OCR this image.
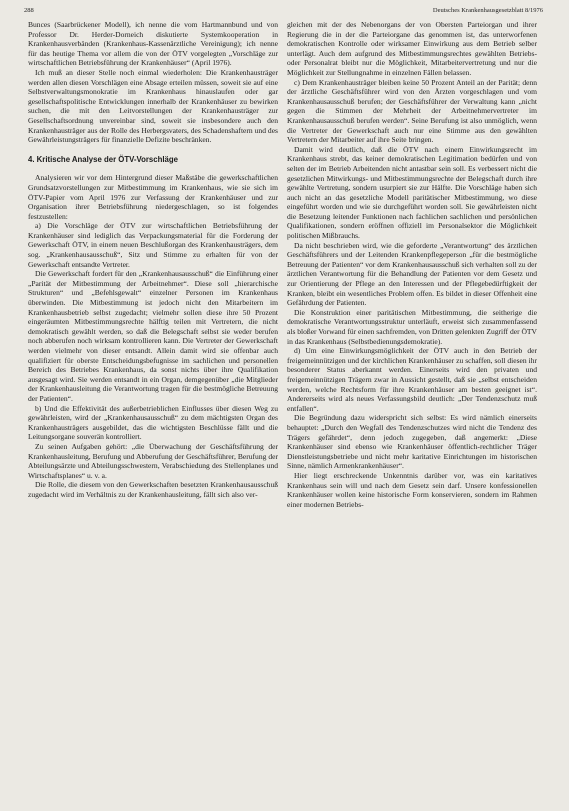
288	Deutsches Krankenhausgesetzblatt 8/1976

Bunces (Saarbrückener Modell), ich nenne die vom Hartmannbund und von Professor Dr. Herder-Dorneich diskutierte Systemkooperation in Krankenhausverbänden (Krankenhaus-Kassenärztliche Vereinigung); ich nenne für das heutige Thema vor allem die von der ÖTV vorgelegten „Vorschläge zur wirtschaftlichen Betriebsführung der Krankenhäuser“ (April 1976).

Ich muß an dieser Stelle noch einmal wiederholen: Die Krankenhausträger werden allen diesen Vorschlägen eine Absage erteilen müssen, soweit sie auf eine Selbstverwaltungsmonokratie im Krankenhaus hinauslaufen oder gar gesellschaftspolitische Entwicklungen innerhalb der Krankenhäuser zu bewirken suchen, die mit den Leitvorstellungen der Krankenhausträger zur Gesellschaftsordnung unvereinbar sind, soweit sie insbesondere auch den Krankenhausträger aus der Rolle des Herbergsvaters, des Schadenshaftern und des Gewährleistungsträgers für finanzielle Defizite beschränken.

4. Kritische Analyse der ÖTV-Vorschläge

Analysieren wir vor dem Hintergrund dieser Maßstäbe die gewerkschaftlichen Grundsatzvorstellungen zur Mitbestimmung im Krankenhaus, wie sie sich im ÖTV-Papier vom April 1976 zur Verfassung der Krankenhäuser und zur Organisation ihrer Betriebsführung niedergeschlagen, so ist folgendes festzustellen:

a) Die Vorschläge der ÖTV zur wirtschaftlichen Betriebsführung der Krankenhäuser sind lediglich das Verpackungsmaterial für die Forderung der Gewerkschaft ÖTV, in einem neuen Beschlußorgan des Krankenhausträgers, dem sog. „Krankenhausausschuß“, Sitz und Stimme zu erhalten für von der Gewerkschaft entsandte Vertreter.

Die Gewerkschaft fordert für den „Krankenhausausschuß“ die Einführung einer „Parität der Mitbestimmung der Arbeitnehmer“. Diese soll „hierarchische Strukturen“ und „Befehlsgewalt“ einzelner Personen im Krankenhaus überwinden. Die Mitbestimmung ist jedoch nicht den Mitarbeitern im Krankenhausbetrieb selbst zugedacht; vielmehr sollen diese ihre 50 Prozent eingeräumten Mitbestimmungsrechte hälftig teilen mit Vertretern, die nicht demokratisch gewählt werden, so daß die Belegschaft selbst sie weder berufen noch abberufen noch wirksam kontrollieren kann. Die Vertreter der Gewerkschaft werden vielmehr von dieser entsandt. Allein damit wird sie offenbar auch qualifiziert für oberste Entscheidungsbefugnisse im sachlichen und personellen Bereich des Betriebes Krankenhaus, da sonst nichts über ihre Qualifikation ausgesagt wird. Sie werden entsandt in ein Organ, demgegenüber „die Mitglieder der Krankenhausleitung die Verantwortung tragen für die bestmögliche Betreuung der Patienten“.

b) Und die Effektivität des außerbetrieblichen Einflusses über diesen Weg zu gewährleisten, wird der „Krankenhausausschuß“ zu dem mächtigsten Organ des Krankenhausträgers ausgebildet, das die wichtigsten Beschlüsse fällt und die Leitungsorgane souverän kontrolliert.

Zu seinen Aufgaben gehört: „die Überwachung der Geschäftsführung der Krankenhausleitung, Berufung und Abberufung der Geschäftsführer, Berufung der Abteilungsärzte und Abteilungsschwestern, Verabschiedung des Stellenplanes und Wirtschaftsplanes“ u. v. a.

Die Rolle, die diesem von den Gewerkschaften besetzten Krankenhausausschuß zugedacht wird im Verhältnis zu der Krankenhausleitung, fällt sich also ver-

gleichen mit der des Nebenorgans der von Obersten Parteiorgan und ihrer Regierung die in der die Parteiorgane das genommen ist, das unterworfenen demokratischen Kontrolle oder wirksamer Einwirkung aus dem Betrieb selber unterlägt. Auch dem aufgrund des Mitbestimmungsrechtes gewählten Betriebs- oder Personalrat bleibt nur die Möglichkeit, Mitarbeitervertretung und nur die Möglichkeit zur Stellungnahme in einzelnen Fällen belassen.

c) Dem Krankenhausträger bleiben keine 50 Prozent Anteil an der Parität; denn der ärztliche Geschäftsführer wird von den Ärzten vorgeschlagen und vom Krankenhausausschuß berufen; der Geschäftsführer der Verwaltung kann „nicht gegen die Stimmen der Mehrheit der Arbeitnehmervertreter im Krankenhausausschuß berufen werden“. Seine Berufung ist also unmöglich, wenn die Vertreter der Gewerkschaft auch nur eine Stimme aus den gewählten Vertretern der Mitarbeiter auf ihre Seite bringen.

Damit wird deutlich, daß die ÖTV nach einem Einwirkungsrecht im Krankenhaus strebt, das keiner demokratischen Legitimation bedürfen und von selten der im Betrieb Arbeitenden nicht antastbar sein soll. Es verbessert nicht die gesetzlichen Mitwirkungs- und Mitbestimmungsrechte der Belegschaft durch ihre gewählte Vertretung, sondern usurpiert sie zur Hälfte. Die Vorschläge haben sich auch nicht an das gesetzliche Modell paritätischer Mitbestimmung, wo diese eingeführt worden und wie sie durchgeführt worden soll. Sie gewährleisten nicht die Besetzung leitender Funktionen nach fachlichen sachlichen und persönlichen Qualifikationen, sondern eröffnen offiziell im Personalsektor die Möglichkeit politischen Mißbrauchs.

Da nicht beschrieben wird, wie die geforderte „Verantwortung“ des ärztlichen Geschäftsführers und der Leitenden Krankenpflegeperson „für die bestmögliche Betreuung der Patienten“ vor dem Krankenhausausschuß sich verhalten soll zu der ärztlichen Verantwortung für die Behandlung der Patienten vor dem Gesetz und zur Orientierung der Pflege an den Interessen und der Pflegebedürftigkeit der Kranken, bleibt ein wesentliches Problem offen. Es bildet in dieser Offenheit eine Gefährdung der Patienten.

Die Konstruktion einer paritätischen Mitbestimmung, die seitherige die demokratische Verantwortungsstruktur unterläuft, erweist sich zusammenfassend als bloßer Vorwand für einen sachfremden, von Dritten gelenkten Zugriff der ÖTV in das Krankenhaus (Selbstbedienungsdemokratie).

d) Um eine Einwirkungsmöglichkeit der ÖTV auch in den Betrieb der freigemeinnützigen und der kirchlichen Krankenhäuser zu schaffen, soll diesen ihr besonderer Status aberkannt werden. Einerseits wird den privaten und freigemeinnützigen Trägern zwar in Aussicht gestellt, daß sie „selbst entscheiden werden, welche Rechtsform für ihre Krankenhäuser am besten geeignet ist“. Andererseits wird als neues Verfassungsbild deutlich: „Der Tendenzschutz muß entfallen“.

Die Begründung dazu widerspricht sich selbst: Es wird nämlich einerseits behauptet: „Durch den Wegfall des Tendenzschutzes wird nicht die Tendenz des Trägers gefährdet“, denn jedoch zugegeben, daß angemerkt: „Diese Krankenhäuser sind ebenso wie Krankenhäuser öffentlich-rechtlicher Träger Dienstleistungsbetriebe und nicht mehr karitative Einrichtungen im historischen Sinne, nämlich Armenkrankenhäuser“.

Hier liegt erschreckende Unkenntnis darüber vor, was ein karitatives Krankenhaus sein will und nach dem Gesetz sein darf. Unsere konfessionellen Krankenhäuser wollen keine historische Form konservieren, sondern im Rahmen einer modernen Betriebs-
